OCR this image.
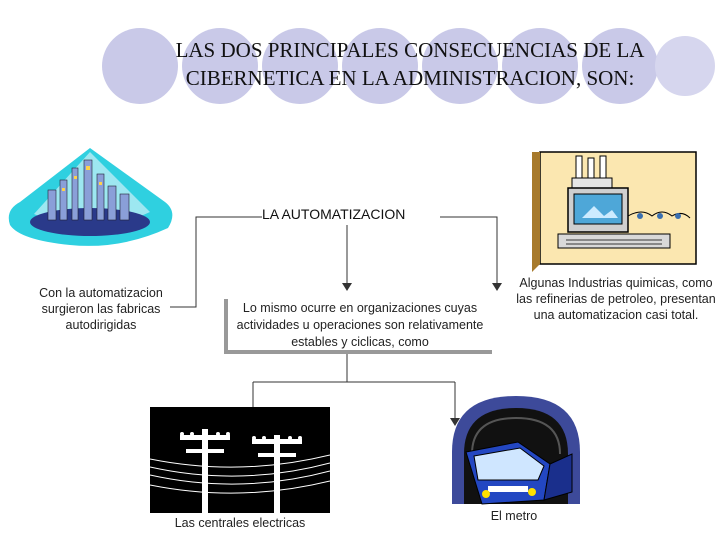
LAS DOS PRINCIPALES CONSECUENCIAS DE LA
CIBERNETICA EN LA ADMINISTRACION, SON:
LA AUTOMATIZACION
Con la automatizacion surgieron las fabricas autodirigidas
Lo mismo ocurre en organizaciones cuyas actividades u operaciones son relativamente estables y ciclicas, como
Algunas Industrias quimicas, como las refinerias de petroleo, presentan una automatizacion casi total.
Las centrales electricas	El metro
